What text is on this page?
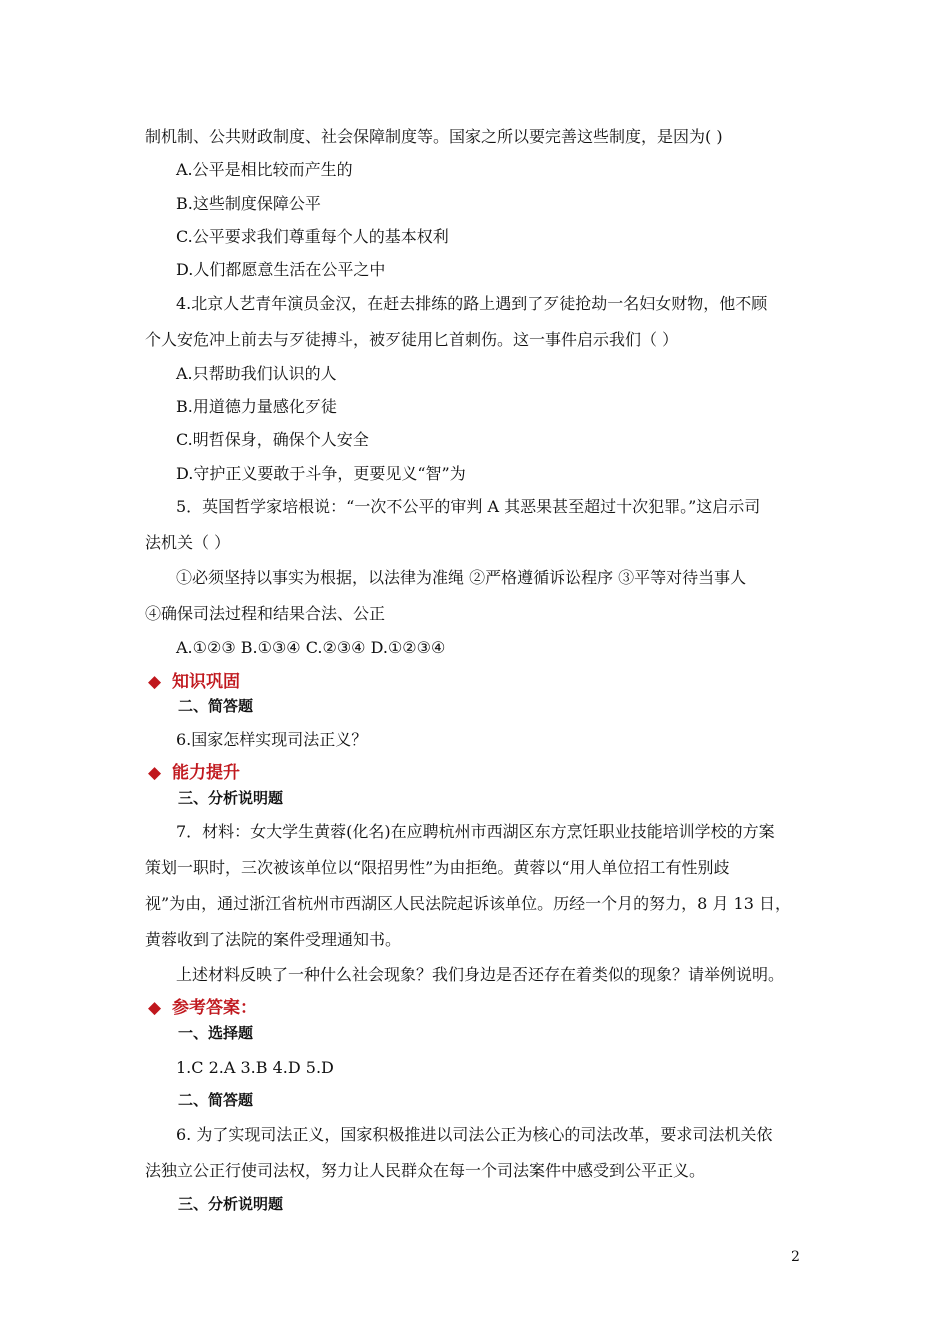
制机制、公共财政制度、社会保障制度等。国家之所以要完善这些制度，是因为( )
A.公平是相比较而产生的
B.这些制度保障公平
C.公平要求我们尊重每个人的基本权利
D.人们都愿意生活在公平之中
4.北京人艺青年演员金汉，在赶去排练的路上遇到了歹徒抢劫一名妇女财物，他不顾
个人安危冲上前去与歹徒搏斗，被歹徒用匕首刺伤。这一事件启示我们（ ）
A.只帮助我们认识的人
B.用道德力量感化歹徒
C.明哲保身，确保个人安全
D.守护正义要敢于斗争，更要见义“智”为
5．英国哲学家培根说：“一次不公平的审判 A 其恶果甚至超过十次犯罪。”这启示司
法机关（ ）
①必须坚持以事实为根据，以法律为准绳 ②严格遵循诉讼程序 ③平等对待当事人
④确保司法过程和结果合法、公正
A.①②③ B.①③④ C.②③④ D.①②③④
◆ 知识巩固
二、简答题
6.国家怎样实现司法正义？
◆ 能力提升
三、分析说明题
7．材料：女大学生黄蓉(化名)在应聘杭州市西湖区东方烹饪职业技能培训学校的方案
策划一职时，三次被该单位以“限招男性”为由拒绝。黄蓉以“用人单位招工有性别歧
视”为由，通过浙江省杭州市西湖区人民法院起诉该单位。历经一个月的努力，8 月 13 日，
黄蓉收到了法院的案件受理通知书。
上述材料反映了一种什么社会现象？我们身边是否还存在着类似的现象？请举例说明。
◆ 参考答案：
一、选择题
1.C 2.A 3.B 4.D 5.D
二、简答题
6. 为了实现司法正义，国家积极推进以司法公正为核心的司法改革，要求司法机关依
法独立公正行使司法权，努力让人民群众在每一个司法案件中感受到公平正义。
三、分析说明题
2
